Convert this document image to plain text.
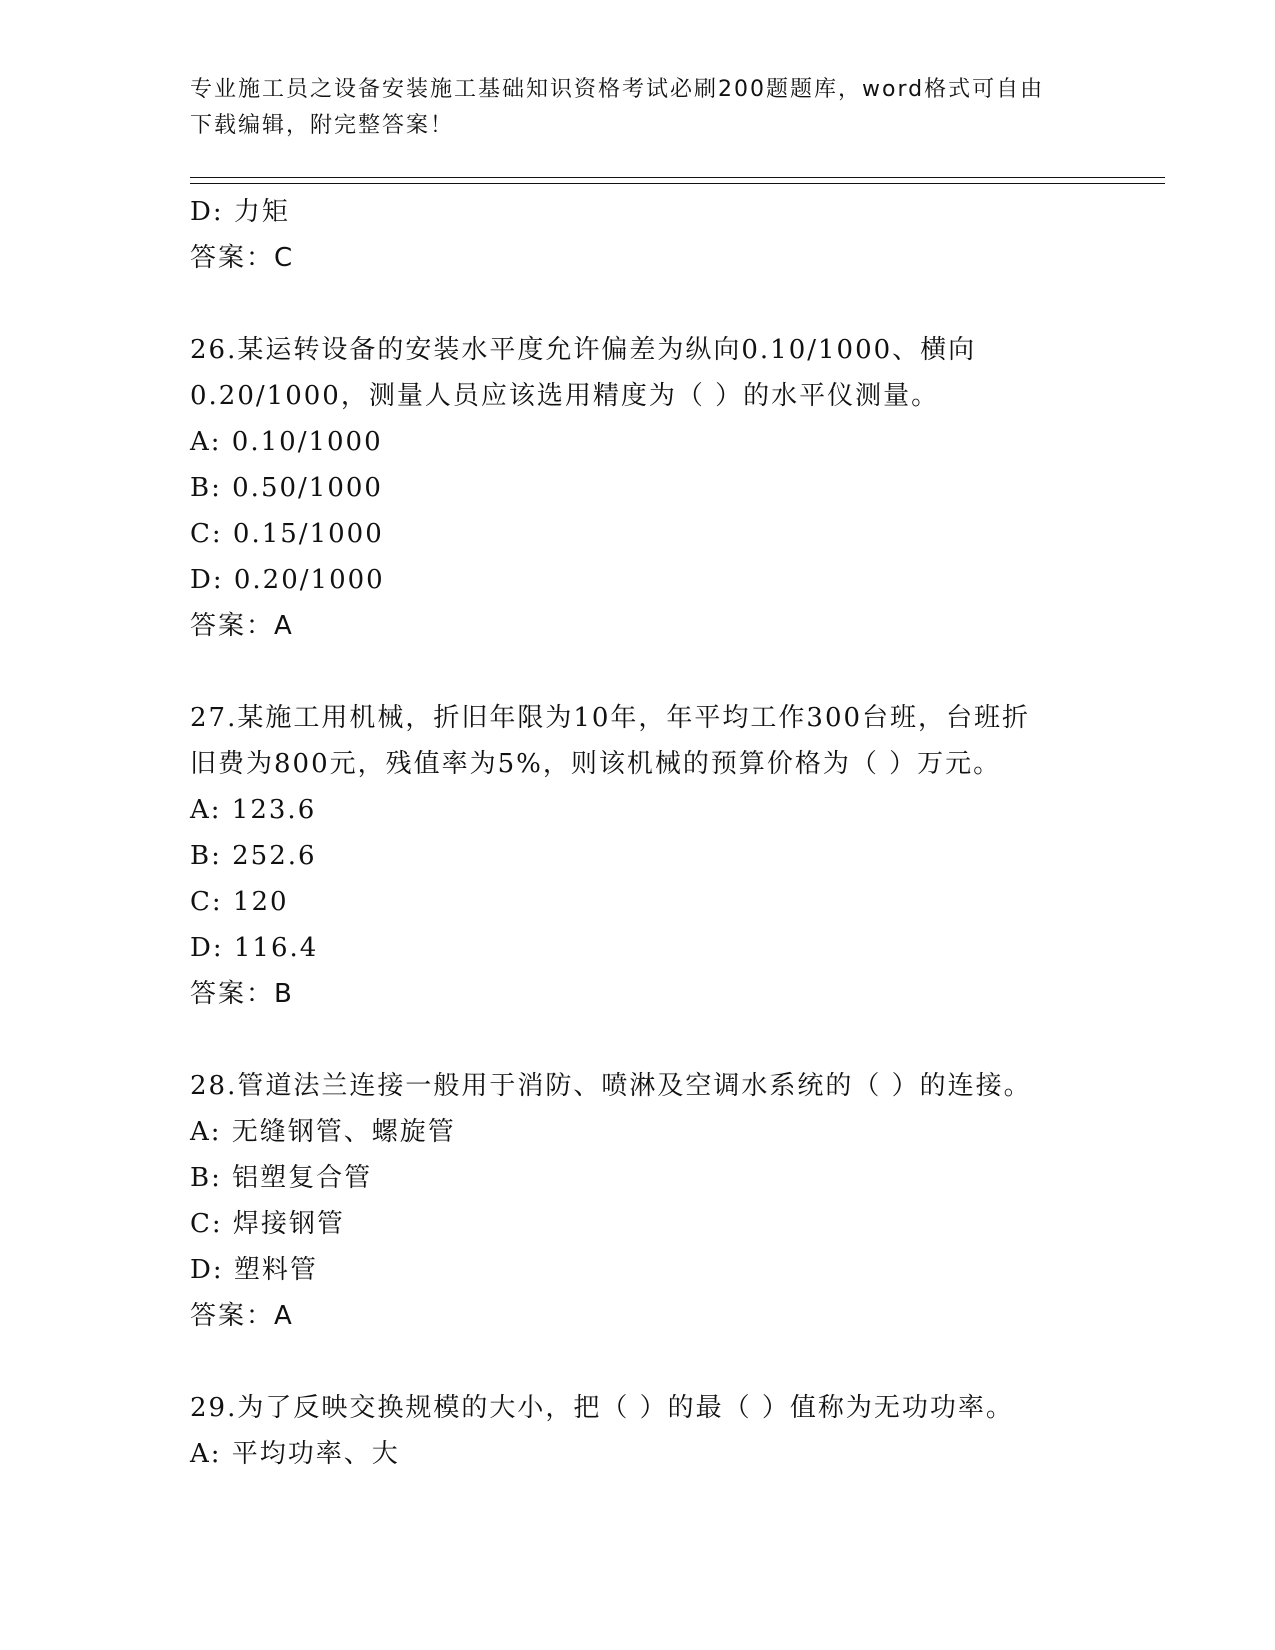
专业施工员之设备安装施工基础知识资格考试必刷200题题库，word格式可自由
下载编辑，附完整答案！
D: 力矩
答案：C
26.某运转设备的安装水平度允许偏差为纵向0.10/1000、横向
0.20/1000，测量人员应该选用精度为（ ）的水平仪测量。
A: 0.10/1000
B: 0.50/1000
C: 0.15/1000
D: 0.20/1000
答案：A
27.某施工用机械，折旧年限为10年，年平均工作300台班，台班折
旧费为800元，残值率为5%，则该机械的预算价格为（ ）万元。
A: 123.6
B: 252.6
C: 120
D: 116.4
答案：B
28.管道法兰连接一般用于消防、喷淋及空调水系统的（ ）的连接。
A: 无缝钢管、螺旋管
B: 铝塑复合管
C: 焊接钢管
D: 塑料管
答案：A
29.为了反映交换规模的大小，把（ ）的最（ ）值称为无功功率。
A: 平均功率、大
